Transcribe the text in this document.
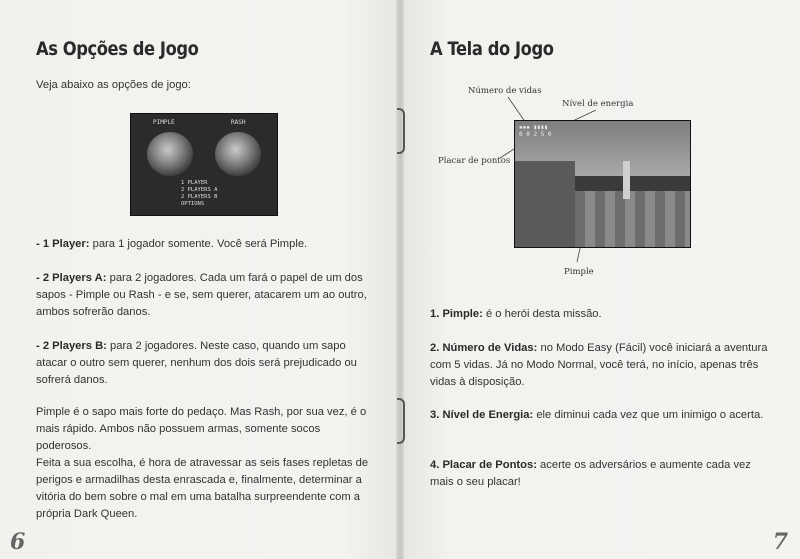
As Opções de Jogo
Veja abaixo as opções de jogo:
PIMPLE	RASH
1 PLAYER
2 PLAYERS A
2 PLAYERS B
OPTIONS
- 1 Player: para 1 jogador somente. Você será Pimple.
- 2 Players A: para 2 jogadores. Cada um fará o papel de um dos sapos - Pimple ou Rash - e se, sem querer, atacarem um ao outro, ambos sofrerão danos.
- 2 Players B: para 2 jogadores. Neste caso, quando um sapo atacar o outro sem querer, nenhum dos dois será prejudicado ou sofrerá danos.
Pimple é o sapo mais forte do pedaço. Mas Rash, por sua vez, é o mais rápido. Ambos não possuem armas, somente socos poderosos.
Feita a sua escolha, é hora de atravessar as seis fases repletas de perigos e armadilhas desta enrascada e, finalmente, determinar a vitória do bem sobre o mal em uma batalha surpreendente com a própria Dark Queen.
6
A Tela do Jogo
Número de vidas
Nível de energia
Placar de pontos
Pimple
▪▪▪ ▮▮▮▮
0 0 2 5 0
1. Pimple: é o herói desta missão.
2. Número de Vidas: no Modo Easy (Fácil) você iniciará a aventura com 5 vidas. Já no Modo Normal, você terá, no início, apenas três vidas à disposição.
3. Nível de Energia: ele diminui cada vez que um inimigo o acerta.
4. Placar de Pontos: acerte os adversários e aumente cada vez mais o seu placar!
7
